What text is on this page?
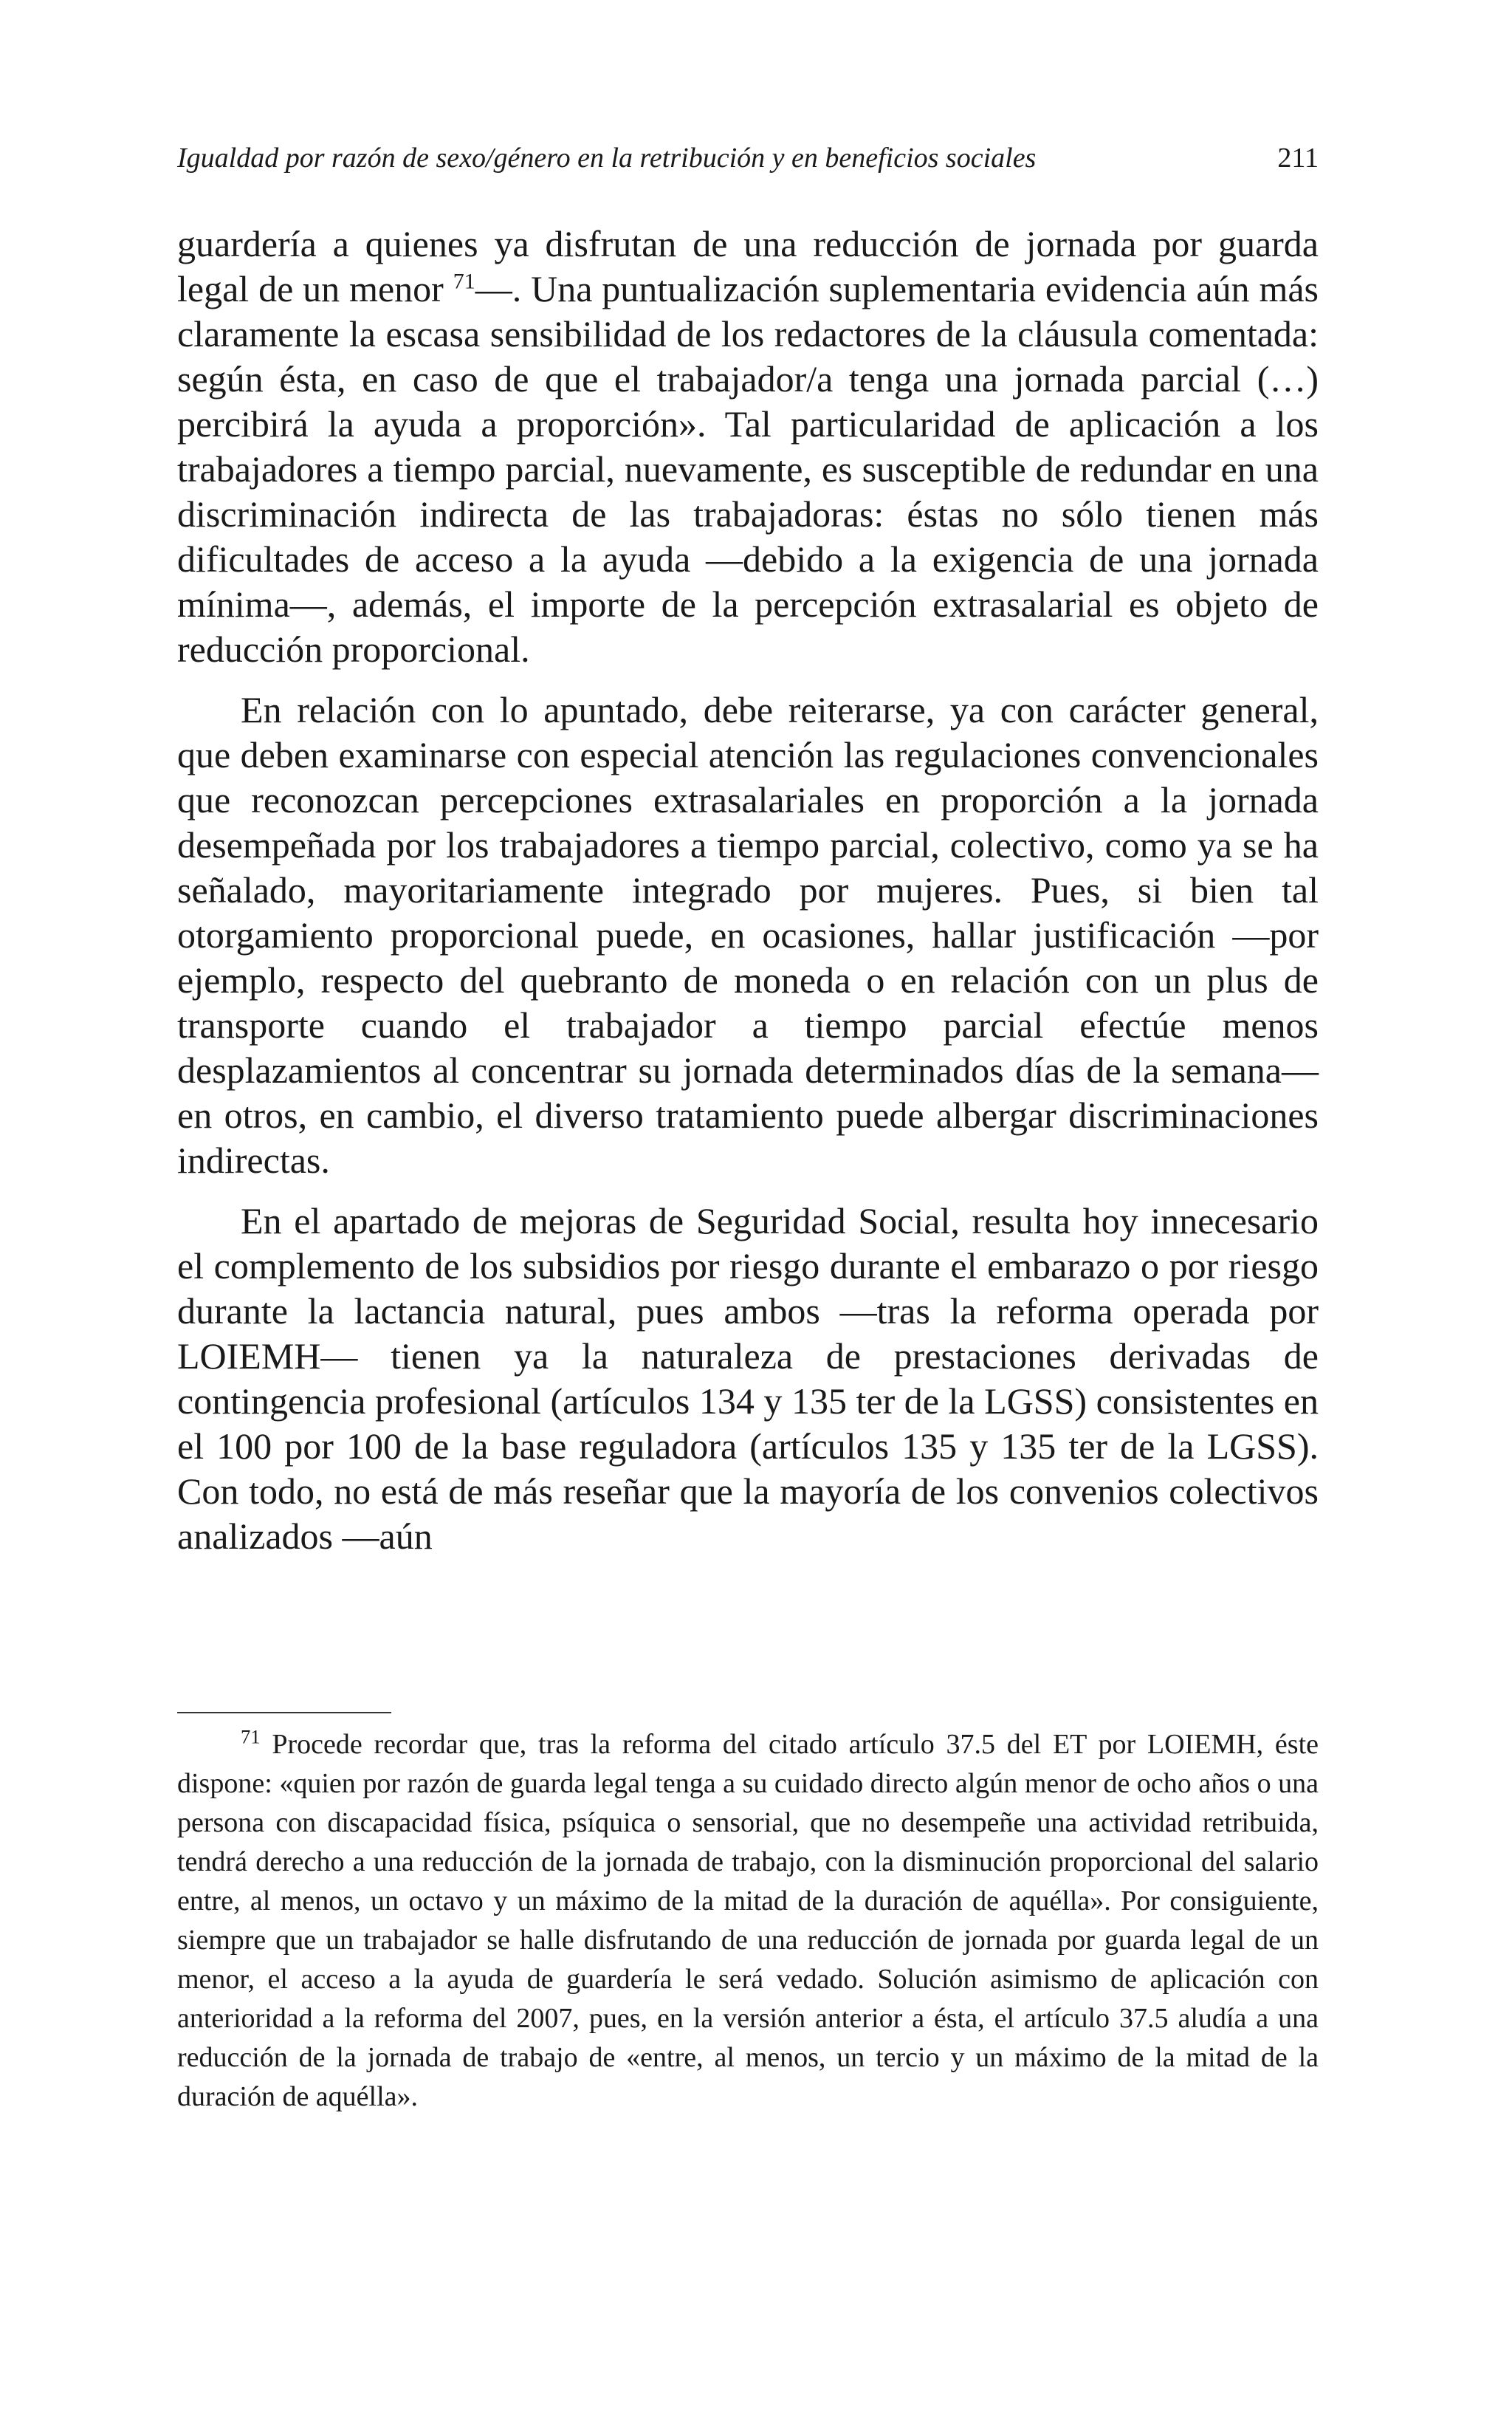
Igualdad por razón de sexo/género en la retribución y en beneficios sociales	211

guardería a quienes ya disfrutan de una reducción de jornada por guarda legal de un menor $^{71}$—. Una puntualización suplementaria evidencia aún más claramente la escasa sensibilidad de los redactores de la cláusula comentada: según ésta, en caso de que el trabajador/a tenga una jornada parcial (…) percibirá la ayuda a proporción». Tal particularidad de aplicación a los trabajadores a tiempo parcial, nuevamente, es susceptible de redundar en una discriminación indirecta de las trabajadoras: éstas no sólo tienen más dificultades de acceso a la ayuda —debido a la exigencia de una jornada mínima—, además, el importe de la percepción extrasalarial es objeto de reducción proporcional.

En relación con lo apuntado, debe reiterarse, ya con carácter general, que deben examinarse con especial atención las regulaciones convencionales que reconozcan percepciones extrasalariales en proporción a la jornada desempeñada por los trabajadores a tiempo parcial, colectivo, como ya se ha señalado, mayoritariamente integrado por mujeres. Pues, si bien tal otorgamiento proporcional puede, en ocasiones, hallar justificación —por ejemplo, respecto del quebranto de moneda o en relación con un plus de transporte cuando el trabajador a tiempo parcial efectúe menos desplazamientos al concentrar su jornada determinados días de la semana— en otros, en cambio, el diverso tratamiento puede albergar discriminaciones indirectas.

En el apartado de mejoras de Seguridad Social, resulta hoy innecesario el complemento de los subsidios por riesgo durante el embarazo o por riesgo durante la lactancia natural, pues ambos —tras la reforma operada por LOIEMH— tienen ya la naturaleza de prestaciones derivadas de contingencia profesional (artículos 134 y 135 ter de la LGSS) consistentes en el 100 por 100 de la base reguladora (artículos 135 y 135 ter de la LGSS). Con todo, no está de más reseñar que la mayoría de los convenios colectivos analizados —aún

$^{71}$ Procede recordar que, tras la reforma del citado artículo 37.5 del ET por LOIEMH, éste dispone: «quien por razón de guarda legal tenga a su cuidado directo algún menor de ocho años o una persona con discapacidad física, psíquica o sensorial, que no desempeñe una actividad retribuida, tendrá derecho a una reducción de la jornada de trabajo, con la disminución proporcional del salario entre, al menos, un octavo y un máximo de la mitad de la duración de aquélla». Por consiguiente, siempre que un trabajador se halle disfrutando de una reducción de jornada por guarda legal de un menor, el acceso a la ayuda de guardería le será vedado. Solución asimismo de aplicación con anterioridad a la reforma del 2007, pues, en la versión anterior a ésta, el artículo 37.5 aludía a una reducción de la jornada de trabajo de «entre, al menos, un tercio y un máximo de la mitad de la duración de aquélla».
